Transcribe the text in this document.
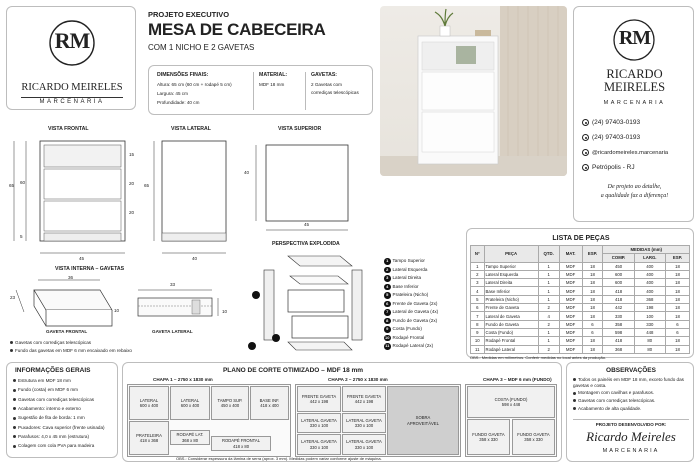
RM
RICARDO MEIRELES
MARCENARIA
PROJETO EXECUTIVO
MESA DE CABECEIRA
COM 1 NICHO E 2 GAVETAS
DIMENSÕES FINAIS:
Altura: 65 cm (60 cm + rodapé 5 cm)
Largura: 45 cm
Profundidade: 40 cm
MATERIAL:
MDF 18 mm
GAVETAS:
2 Gavetas com
corrediças telescópicas
RM
RICARDO MEIRELES
MARCENARIA
(24) 97403-0193
(24) 97403-0193
@ricardomeireles.marcenaria
Petrópolis - RJ
De projeto ao detalhe,
a qualidade faz a diferença!
VISTA FRONTAL	VISTA LATERAL	VISTA SUPERIOR
65
60
5
15
20
20
45
65
40
40
45
VISTA INTERNA – GAVETAS
36
23
10
GAVETA FRONTAL
33
10
GAVETA LATERAL
Gavetas com corrediças telescópicas
Fundo das gavetas em MDF 6 mm encaixado em rebaixo
PERSPECTIVA EXPLODIDA
1 Tampo Superior
2 Lateral Esquerda
3 Lateral Direita
4 Base Inferior
5 Prateleira (Nicho)
6 Frente de Gaveta (2x)
7 Lateral de Gaveta (4x)
8 Fundo de Gaveta (2x)
9 Costa (Fundo)
10 Rodapé Frontal
11 Rodapé Lateral (2x)
LISTA DE PEÇAS
Nº	PEÇA	QTD.	MAT.	ESP.	MEDIDAS (mm)		
					COMP.	LARG.	ESP.
1	Tampo Superior	1	MDF	18	450	400	18
2	Lateral Esquerda	1	MDF	18	600	400	18
3	Lateral Direita	1	MDF	18	600	400	18
4	Base Inferior	1	MDF	18	418	400	18
5	Prateleira (Nicho)	1	MDF	18	418	368	18
6	Frente de Gaveta	2	MDF	18	442	198	18
7	Lateral de Gaveta	4	MDF	18	330	100	18
8	Fundo de Gaveta	2	MDF	6	358	330	6
9	Costa (Fundo)	1	MDF	6	598	448	6
10	Rodapé Frontal	1	MDF	18	418	80	18
11	Rodapé Lateral	2	MDF	18	368	80	18
OBS.: Medidas em milímetros. Conferir medidas no local antes da produção.
INFORMAÇÕES GERAIS
Estrutura em MDF 18 mm
Fundo (costa) em MDF 6 mm
Gavetas com corrediças telescópicas
Acabamento: interno e externo
Sugestão de fita de borda: 1 mm
Puxadores: Cava superior (frente usinada)
Parafusos: 4,0 x 45 mm (estrutura)
Colagem com cola PVA para madeira
PLANO DE CORTE OTIMIZADO – MDF 18 mm
CHAPA 1 – 2750 x 1830 mm	CHAPA 2 – 2750 x 1830 mm	CHAPA 3 – MDF 6 mm (FUNDO)
LATERAL
600 x 400
LATERAL
600 x 400
TAMPO SUP.
450 x 400
BASE INF.
418 x 400
PRATELEIRA
418 x 368
RODAPÉ LAT.
368 x 80	RODAPÉ FRONTAL
418 x 80
FRENTE GAVETA
442 x 198
FRENTE GAVETA
442 x 198
LATERAL GAVETA
330 x 100
LATERAL GAVETA
330 x 100
LATERAL GAVETA
330 x 100
LATERAL GAVETA
330 x 100
SOBRA
APROVEITÁVEL
COSTA (FUNDO)
598 x 448
FUNDO GAVETA
358 x 330
FUNDO GAVETA
358 x 330
OBS.: Considerar espessura da lâmina de serra (aprox. 3 mm). Medidas podem variar conforme ajuste de máquina.
OBSERVAÇÕES
Todos os painéis em MDF 18 mm, exceto fundo das gavetas e costa.
Montagem com cavilhas e parafusos.
Gavetas com corrediças telescópicas.
Acabamento de alta qualidade.
PROJETO DESENVOLVIDO POR:
Ricardo Meireles
MARCENARIA
